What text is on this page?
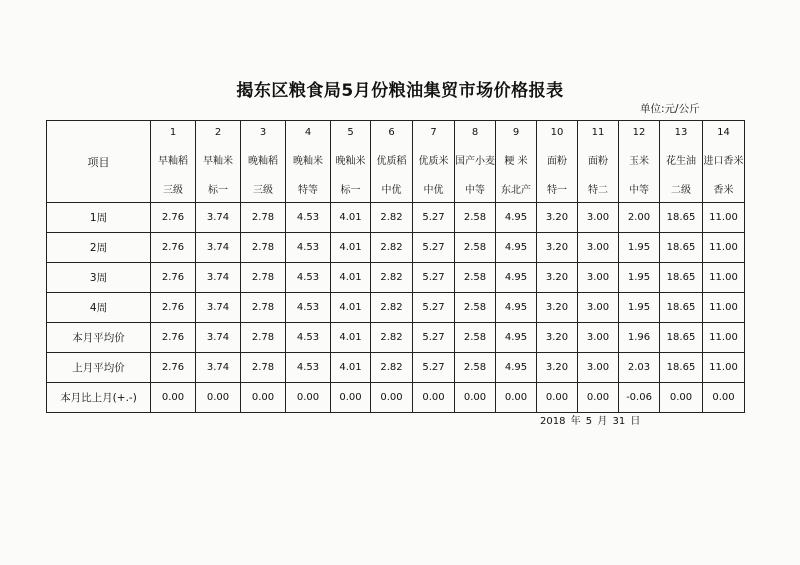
揭东区粮食局5月份粮油集贸市场价格报表
单位:元/公斤
项目	1	2	3	4	5	6	7	8	9	10	11	12	13	14
	早籼稻	早籼米	晚籼稻	晚籼米	晚籼米	优质稻	优质米	国产小麦	粳 米	面粉	面粉	玉米	花生油	进口香米
	三级	标一	三级	特等	标一	中优	中优	中等	东北产	特一	特二	中等	二级	香米
1周	2.76	3.74	2.78	4.53	4.01	2.82	5.27	2.58	4.95	3.20	3.00	2.00	18.65	11.00
2周	2.76	3.74	2.78	4.53	4.01	2.82	5.27	2.58	4.95	3.20	3.00	1.95	18.65	11.00
3周	2.76	3.74	2.78	4.53	4.01	2.82	5.27	2.58	4.95	3.20	3.00	1.95	18.65	11.00
4周	2.76	3.74	2.78	4.53	4.01	2.82	5.27	2.58	4.95	3.20	3.00	1.95	18.65	11.00
本月平均价	2.76	3.74	2.78	4.53	4.01	2.82	5.27	2.58	4.95	3.20	3.00	1.96	18.65	11.00
上月平均价	2.76	3.74	2.78	4.53	4.01	2.82	5.27	2.58	4.95	3.20	3.00	2.03	18.65	11.00
本月比上月(+.-)	0.00	0.00	0.00	0.00	0.00	0.00	0.00	0.00	0.00	0.00	0.00	-0.06	0.00	0.00
2018 年 5 月 31 日
